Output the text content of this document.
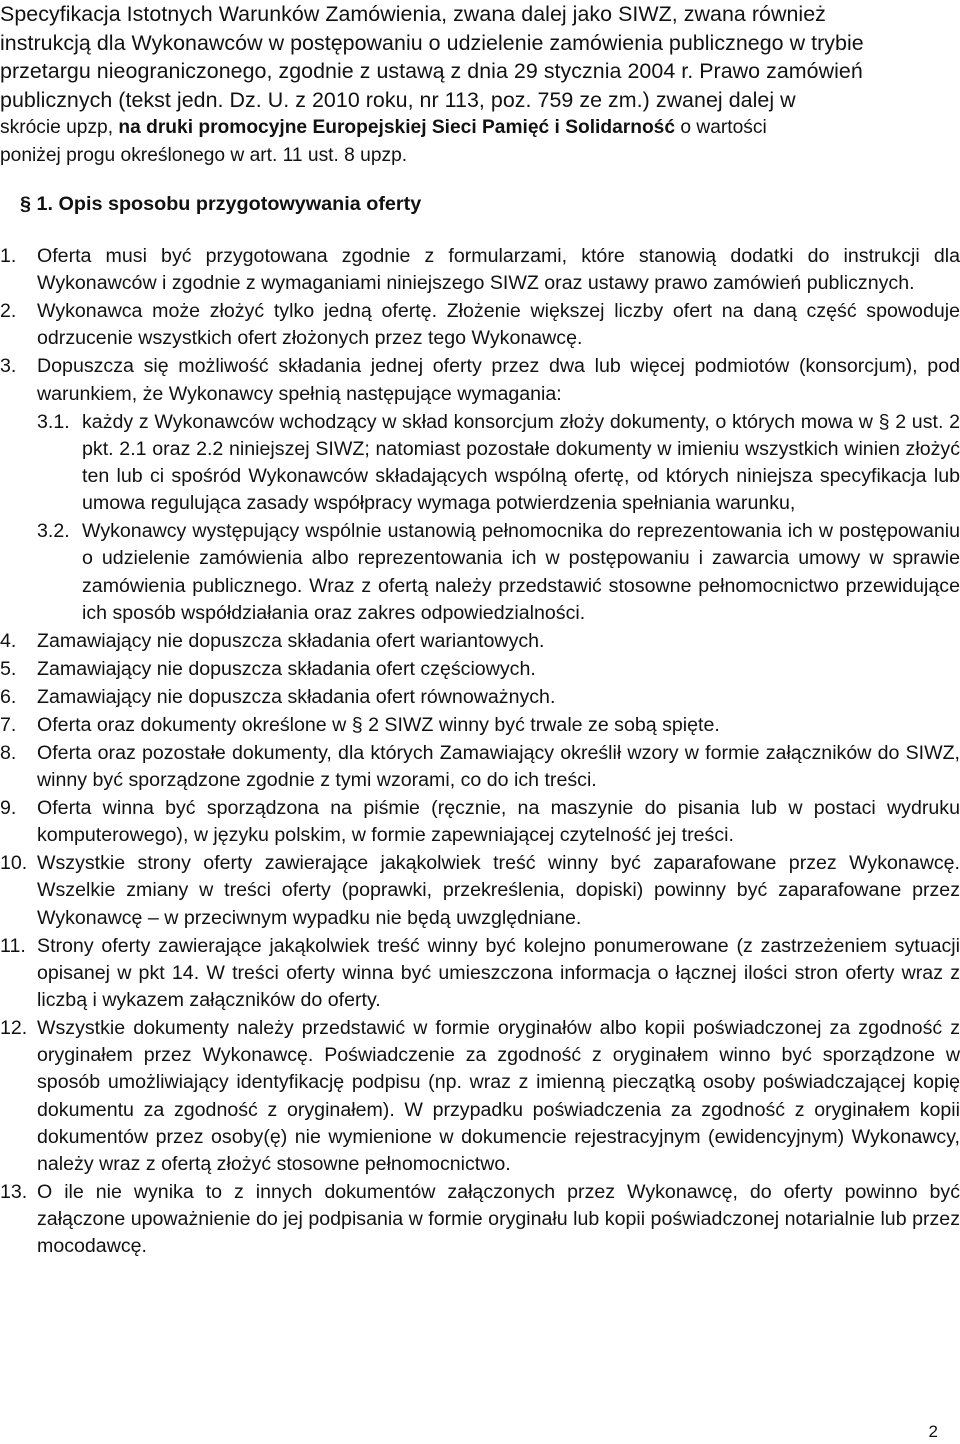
Specyfikacja Istotnych Warunków Zamówienia, zwana dalej jako SIWZ, zwana również
instrukcją dla Wykonawców w postępowaniu o udzielenie zamówienia publicznego w trybie
przetargu nieograniczonego, zgodnie z ustawą z dnia 29 stycznia 2004 r. Prawo zamówień
publicznych (tekst jedn. Dz. U. z 2010 roku, nr 113, poz. 759 ze zm.) zwanej dalej w
skrócie upzp, na druki promocyjne Europejskiej Sieci Pamięć i Solidarność o wartości
poniżej progu określonego w art. 11 ust. 8 upzp.
§ 1. Opis sposobu przygotowywania oferty
1.	Oferta musi być przygotowana zgodnie z formularzami, które stanowią dodatki do instrukcji dla Wykonawców i zgodnie z wymaganiami niniejszego SIWZ oraz ustawy prawo zamówień publicznych.
2.	Wykonawca może złożyć tylko jedną ofertę. Złożenie większej liczby ofert na daną część spowoduje odrzucenie wszystkich ofert złożonych przez tego Wykonawcę.
3.	Dopuszcza się możliwość składania jednej oferty przez dwa lub więcej podmiotów (konsorcjum), pod warunkiem, że Wykonawcy spełnią następujące wymagania:
3.1. każdy z Wykonawców wchodzący w skład konsorcjum złoży dokumenty, o których mowa w § 2 ust. 2 pkt. 2.1 oraz 2.2 niniejszej SIWZ; natomiast pozostałe dokumenty w imieniu wszystkich winien złożyć ten lub ci spośród Wykonawców składających wspólną ofertę, od których niniejsza specyfikacja lub umowa regulująca zasady współpracy wymaga potwierdzenia spełniania warunku,
3.2. Wykonawcy występujący wspólnie ustanowią pełnomocnika do reprezentowania ich w postępowaniu o udzielenie zamówienia albo reprezentowania ich w postępowaniu i zawarcia umowy w sprawie zamówienia publicznego. Wraz z ofertą należy przedstawić stosowne pełnomocnictwo przewidujące ich sposób współdziałania oraz zakres odpowiedzialności.
4.	Zamawiający nie dopuszcza składania ofert wariantowych.
5.	Zamawiający nie dopuszcza składania ofert częściowych.
6.	Zamawiający nie dopuszcza składania ofert równoważnych.
7.	Oferta oraz dokumenty określone w § 2 SIWZ winny być trwale ze sobą spięte.
8.	Oferta oraz pozostałe dokumenty, dla których Zamawiający określił wzory w formie załączników do SIWZ, winny być sporządzone zgodnie z tymi wzorami, co do ich treści.
9.	Oferta winna być sporządzona na piśmie (ręcznie, na maszynie do pisania lub w postaci wydruku komputerowego), w języku polskim, w formie zapewniającej czytelność jej treści.
10. Wszystkie strony oferty zawierające jakąkolwiek treść winny być zaparafowane przez Wykonawcę. Wszelkie zmiany w treści oferty (poprawki, przekreślenia, dopiski) powinny być zaparafowane przez Wykonawcę – w przeciwnym wypadku nie będą uwzględniane.
11. Strony oferty zawierające jakąkolwiek treść winny być kolejno ponumerowane (z zastrzeżeniem sytuacji opisanej w pkt 14. W treści oferty winna być umieszczona informacja o łącznej ilości stron oferty wraz z liczbą i wykazem załączników do oferty.
12. Wszystkie dokumenty należy przedstawić w formie oryginałów albo kopii poświadczonej za zgodność z oryginałem przez Wykonawcę. Poświadczenie za zgodność z oryginałem winno być sporządzone w sposób umożliwiający identyfikację podpisu (np. wraz z imienną pieczątką osoby poświadczającej kopię dokumentu za zgodność z oryginałem). W przypadku poświadczenia za zgodność z oryginałem kopii dokumentów przez osoby(ę) nie wymienione w dokumencie rejestracyjnym (ewidencyjnym) Wykonawcy, należy wraz z ofertą złożyć stosowne pełnomocnictwo.
13. O ile nie wynika to z innych dokumentów załączonych przez Wykonawcę, do oferty powinno być załączone upoważnienie do jej podpisania w formie oryginału lub kopii poświadczonej notarialnie lub przez mocodawcę.
2
